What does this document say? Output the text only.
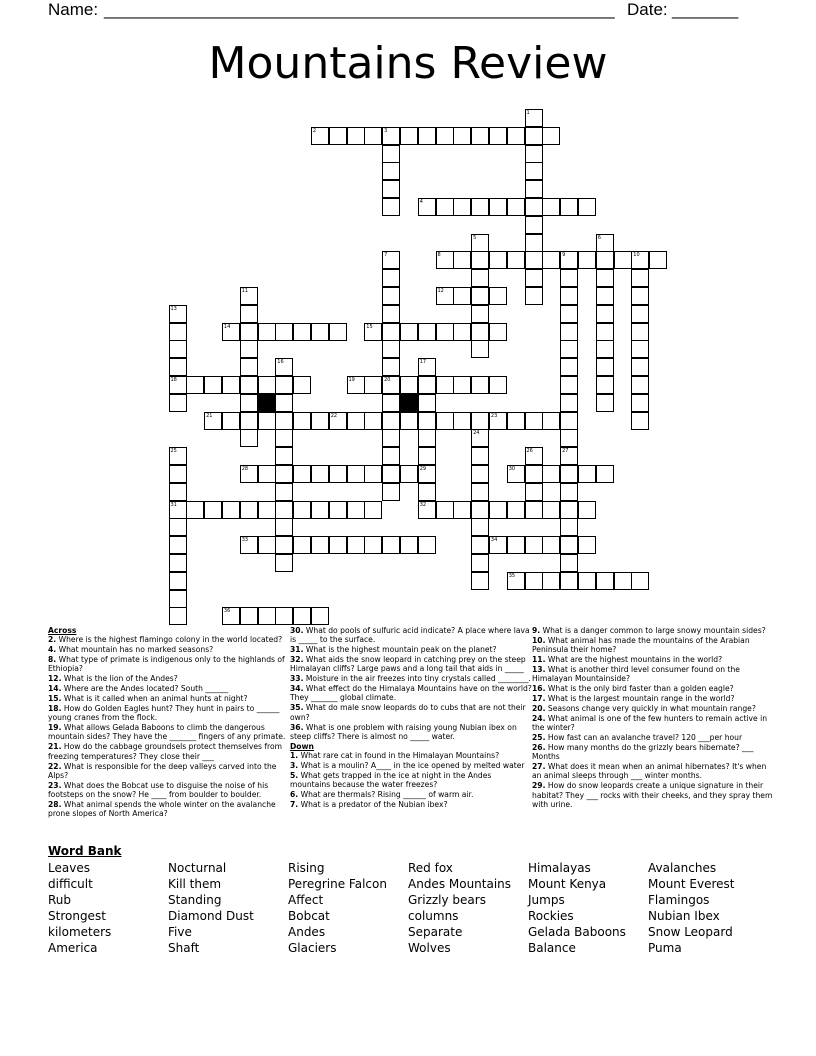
Name: ______________________________________________________ Date: _______
Mountains Review
2	3
4
8	9	10
12
14	15
18	19	20
21	22	23
28	29	30
31	32
33	34
35
36
1
5	6
7
27
11
13
16	17
24
25	26
Across

2. Where is the highest flamingo colony in the world located?

4. What mountain has no marked seasons?

8. What type of primate is indigenous only to the highlands of Ethiopia?

12. What is the lion of the Andes?

14. Where are the Andes located? South ______

15. What is it called when an animal hunts at night?

18. How do Golden Eagles hunt? They hunt in pairs to ______ young cranes from the flock.

19. What allows Gelada Baboons to climb the dangerous mountain sides? They have the _______ fingers of any primate.

21. How do the cabbage groundsels protect themselves from freezing temperatures? They close their ___

22. What is responsible for the deep valleys carved into the Alps?

23. What does the Bobcat use to disguise the noise of his footsteps on the snow? He ____ from boulder to boulder.

28. What animal spends the whole winter on the avalanche prone slopes of North America?

30. What do pools of sulfuric acid indicate? A place where lava is _____ to the surface.

31. What is the highest mountain peak on the planet?

32. What aids the snow leopard in catching prey on the steep Himalayan cliffs? Large paws and a long tail that aids in _____

33. Moisture in the air freezes into tiny crystals called ________.

34. What effect do the Himalaya Mountains have on the world? They _______ global climate.

35. What do male snow leopards do to cubs that are not their own?

36. What is one problem with raising young Nubian ibex on steep cliffs? There is almost no _____ water.

Down

1. What rare cat in found in the Himalayan Mountains?

3. What is a moulin? A____ in the ice opened by melted water

5. What gets trapped in the ice at night in the Andes mountains because the water freezes?

6. What are thermals? Rising ______ of warm air.

7. What is a predator of the Nubian ibex?

9. What is a danger common to large snowy mountain sides?

10. What animal has made the mountains of the Arabian Peninsula their home?

11. What are the highest mountains in the world?

13. What is another third level consumer found on the Himalayan Mountainside?

16. What is the only bird faster than a golden eagle?

17. What is the largest mountain range in the world?

20. Seasons change very quickly in what mountain range?

24. What animal is one of the few hunters to remain active in the winter?

25. How fast can an avalanche travel? 120 ___per hour

26. How many months do the grizzly bears hibernate? ___ Months

27. What does it mean when an animal hibernates? It's when an animal sleeps through ___ winter months.

29. How do snow leopards create a unique signature in their habitat? They ___ rocks with their cheeks, and they spray them with urine.

Word Bank
Leaves
difficult
Rub
Strongest
kilometers
America
Nocturnal
Kill them
Standing
Diamond Dust
Five
Shaft
Rising
Peregrine Falcon
Affect
Bobcat
Andes
Glaciers
Red fox
Andes Mountains
Grizzly bears
columns
Separate
Wolves
Himalayas
Mount Kenya
Jumps
Rockies
Gelada Baboons
Balance
Avalanches
Mount Everest
Flamingos
Nubian Ibex
Snow Leopard
Puma
